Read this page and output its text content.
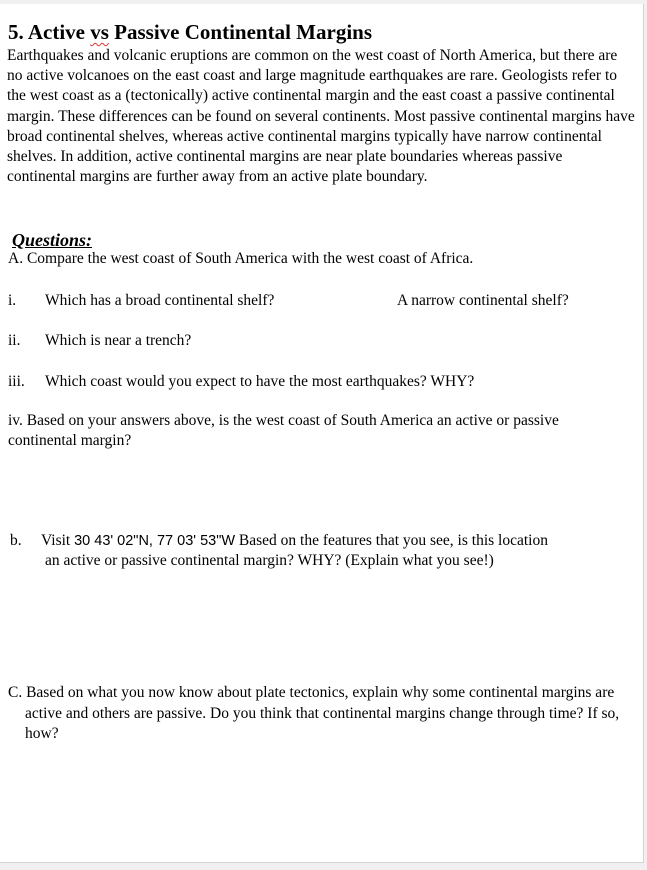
5. Active vs Passive Continental Margins

Earthquakes and volcanic eruptions are common on the west coast of North America, but there are no active volcanoes on the east coast and large magnitude earthquakes are rare. Geologists refer to the west coast as a (tectonically) active continental margin and the east coast a passive continental margin. These differences can be found on several continents. Most passive continental margins have broad continental shelves, whereas active continental margins typically have narrow continental shelves. In addition, active continental margins are near plate boundaries whereas passive continental margins are further away from an active plate boundary.

Questions:
A. Compare the west coast of South America with the west coast of Africa.
i. Which has a broad continental shelf?	A narrow continental shelf?
ii. Which is near a trench?
iii. Which coast would you expect to have the most earthquakes? WHY?

iv. Based on your answers above, is the west coast of South America an active or passive continental margin?

b. Visit 30 43' 02"N, 77 03' 53"W Based on the features that you see, is this location
an active or passive continental margin? WHY? (Explain what you see!)

C. Based on what you now know about plate tectonics, explain why some continental margins are active and others are passive. Do you think that continental margins change through time? If so, how?
